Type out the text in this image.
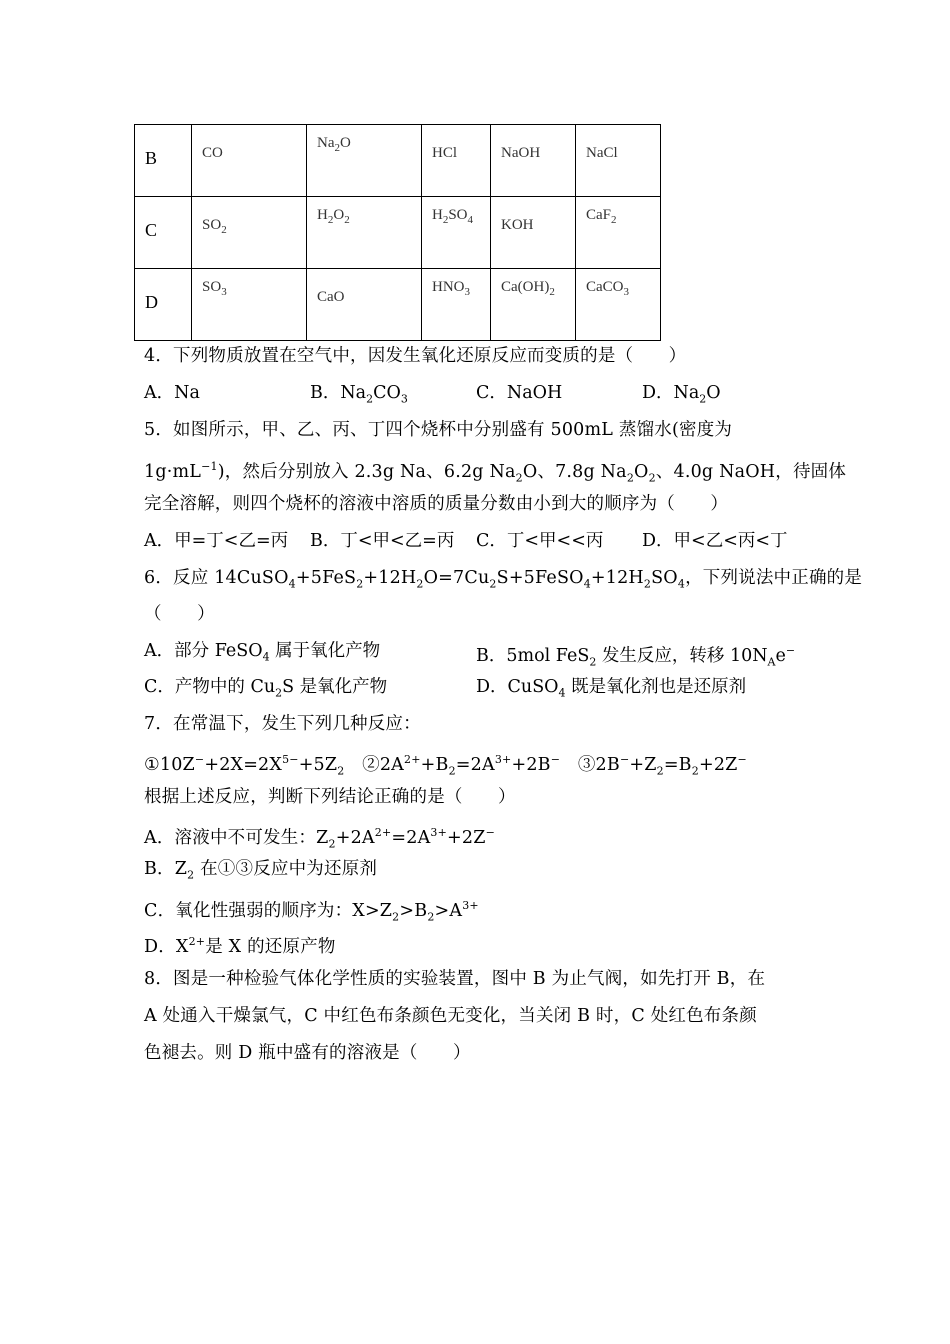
B	CO	$Na_2O$	HCl	NaOH	NaCl

C	$SO_2$	$H_2O_2$	$H_2SO_4$	KOH	CaF$_2$

D	$SO_3$	CaO	$HNO_3$	$Ca(OH)_2$	CaCO$_3$
4．下列物质放置在空气中，因发生氧化还原反应而变质的是（　　）
A．Na	B．$Na_2CO_3$	C．NaOH	D．$Na_2O$
5．如图所示，甲、乙、丙、丁四个烧杯中分别盛有 500mL 蒸馏水(密度为
$1g\cdot mL^{-1}$)，然后分别放入 2.3g Na、6.2g $Na_2O$、7.8g $Na_2O_2$、4.0g NaOH，待固体
完全溶解，则四个烧杯的溶液中溶质的质量分数由小到大的顺序为（　　）
A．甲=丁<乙=丙 B．丁<甲<乙=丙 C．丁<甲<<丙 D．甲<乙<丙<丁
6．反应 $14CuSO_4+5FeS_2+12H_2O=7Cu_2S+5FeSO_4+12H_2SO_4$，下列说法中正确的是
（　　）
A．部分 FeSO$_4$ 属于氧化产物	B．5mol FeS$_2$ 发生反应，转移 $10N_Ae^-$
C．产物中的 $Cu_2S$ 是氧化产物	D．CuSO$_4$ 既是氧化剂也是还原剂
7．在常温下，发生下列几种反应：
$①10Z^-+2X=2X^{5-}+5Z_2$　$②2A^{2+}+B_2=2A^{3+}+2B^-$　$③2B^-+Z_2=B_2+2Z^-$
根据上述反应，判断下列结论正确的是（　　）
A．溶液中不可发生：$Z_2+2A^{2+}=2A^{3+}+2Z^-$
B．$Z_2$ 在①③反应中为还原剂
C．氧化性强弱的顺序为：$X>Z_2>B_2>A^{3+}$
D．$X^{2+}$是 X 的还原产物
8．图是一种检验气体化学性质的实验装置，图中 B 为止气阀，如先打开 B，在
A 处通入干燥氯气，C 中红色布条颜色无变化，当关闭 B 时，C 处红色布条颜
色褪去。则 D 瓶中盛有的溶液是（　　）
